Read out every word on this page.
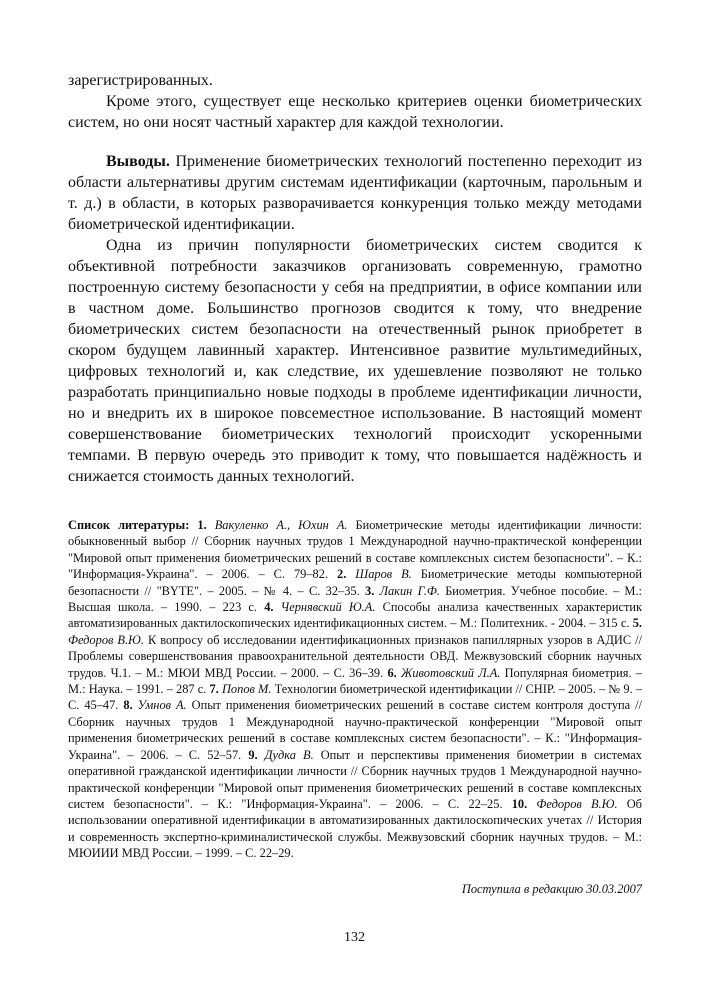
зарегистрированных.

Кроме этого, существует еще несколько критериев оценки биометрических систем, но они носят частный характер для каждой технологии.

Выводы. Применение биометрических технологий постепенно переходит из области альтернативы другим системам идентификации (карточным, парольным и т. д.) в области, в которых разворачивается конкуренция только между методами биометрической идентификации.

Одна из причин популярности биометрических систем сводится к объективной потребности заказчиков организовать современную, грамотно построенную систему безопасности у себя на предприятии, в офисе компании или в частном доме. Большинство прогнозов сводится к тому, что внедрение биометрических систем безопасности на отечественный рынок приобретет в скором будущем лавинный характер. Интенсивное развитие мультимедийных, цифровых технологий и, как следствие, их удешевление позволяют не только разработать принципиально новые подходы в проблеме идентификации личности, но и внедрить их в широкое повсеместное использование. В настоящий момент совершенствование биометрических технологий происходит ускоренными темпами. В первую очередь это приводит к тому, что повышается надёжность и снижается стоимость данных технологий.

Список литературы: 1. Вакуленко А., Юхин А. Биометрические методы идентификации личности: обыкновенный выбор // Сборник научных трудов 1 Международной научно-практической конференции "Мировой опыт применения биометрических решений в составе комплексных систем безопасности". – К.: "Информация-Украина". – 2006. – С. 79–82. 2. Шаров В. Биометрические методы компьютерной безопасности // "BYTE". – 2005. – № 4. – С. 32–35. 3. Лакин Г.Ф. Биометрия. Учебное пособие. – М.: Высшая школа. – 1990. – 223 с. 4. Чернявский Ю.А. Способы анализа качественных характеристик автоматизированных дактилоскопических идентификационных систем. – М.: Политехник. - 2004. – 315 с. 5. Федоров В.Ю. К вопросу об исследовании идентификационных признаков папиллярных узоров в АДИС // Проблемы совершенствования правоохранительной деятельности ОВД. Межвузовский сборник научных трудов. Ч.1. – М.: МЮИ МВД России. – 2000. – С. 36–39. 6. Животовский Л.А. Популярная биометрия. – М.: Наука. – 1991. – 287 с. 7. Попов М. Технологии биометрической идентификации // CHIP. – 2005. – № 9. – С. 45–47. 8. Умнов А. Опыт применения биометрических решений в составе систем контроля доступа // Сборник научных трудов 1 Международной научно-практической конференции "Мировой опыт применения биометрических решений в составе комплексных систем безопасности". – К.: "Информация-Украина". – 2006. – С. 52–57. 9. Дудка В. Опыт и перспективы применения биометрии в системах оперативной гражданской идентификации личности // Сборник научных трудов 1 Международной научно-практической конференции "Мировой опыт применения биометрических решений в составе комплексных систем безопасности". – К.: "Информация-Украина". – 2006. – С. 22–25. 10. Федоров В.Ю. Об использовании оперативной идентификации в автоматизированных дактилоскопических учетах // История и современность экспертно-криминалистической службы. Межвузовский сборник научных трудов. – М.: МЮИИИ МВД России. – 1999. – С. 22–29.
Поступила в редакцию 30.03.2007
132
